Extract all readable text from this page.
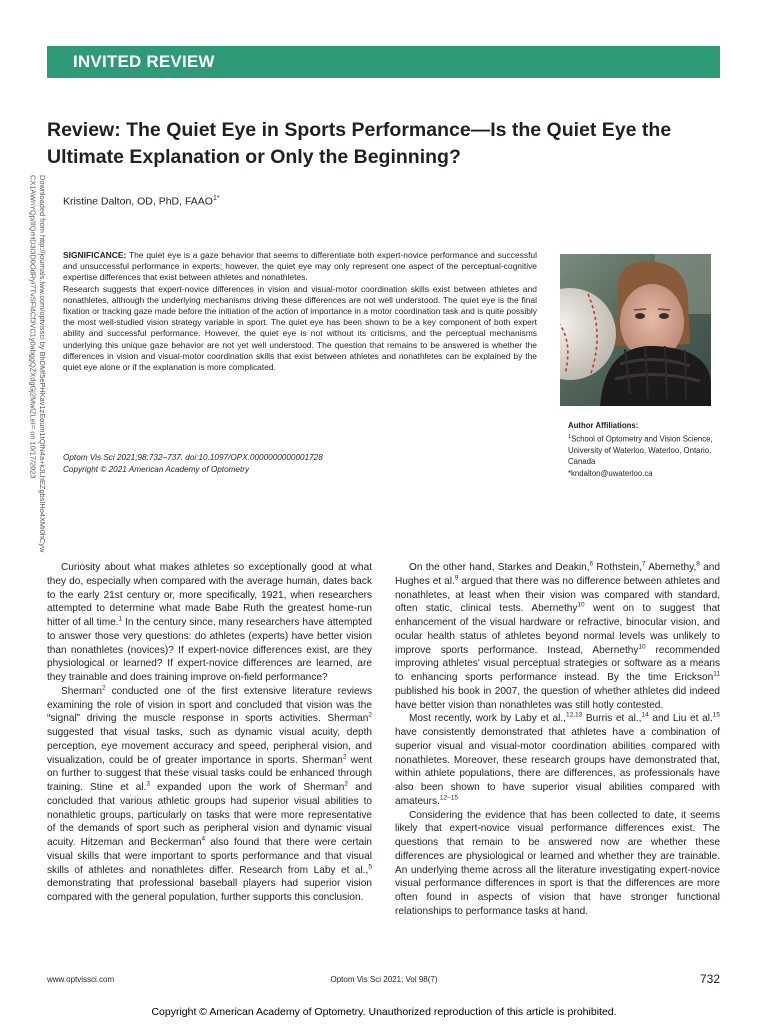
INVITED REVIEW
Review: The Quiet Eye in Sports Performance—Is the Quiet Eye the Ultimate Explanation or Only the Beginning?
Kristine Dalton, OD, PhD, $FAAO^{1*}$
Downloaded from http://journals.lww.com/optvissci by BhDMf5ePHKav1zEoum1tQfN4a+kJLhEZgbsIHo4XMi0hCyw
CX1AWnYQp/IlQrHD3i3D0OdRyi7TvSFl4Cf3VC1y0abggQZXdgGj2MwlZLeI= on 10/17/2023	SIGNIFICANCE: The quiet eye is a gaze behavior that seems to differentiate both expert-novice performance and successful and unsuccessful performance in experts; however, the quiet eye may only represent one aspect of the perceptual-cognitive expertise differences that exist between athletes and nonathletes.

Research suggests that expert-novice differences in vision and visual-motor coordination skills exist between athletes and nonathletes, although the underlying mechanisms driving these differences are not well understood. The quiet eye is the final fixation or tracking gaze made before the initiation of the action of importance in a motor coordination task and is quite possibly the most well-studied vision strategy variable in sport. The quiet eye has been shown to be a key component of both expert ability and successful performance. However, the quiet eye is not without its criticisms, and the perceptual mechanisms underlying this unique gaze behavior are not yet well understood. The question that remains to be answered is whether the differences in vision and visual-motor coordination skills that exist between athletes and nonathletes can be explained by the quiet eye alone or if the explanation is more complicated.

Author Affiliations:
$^1$School of Optometry and Vision Science, University of Waterloo, Waterloo, Ontario, Canada
*kndalton@uwaterloo.ca
Optom Vis Sci 2021;98:732–737. doi:10.1097/OPX.0000000000001728
Copyright © 2021 American Academy of Optometry

Curiosity about what makes athletes so exceptionally good at what they do, especially when compared with the average human, dates back to the early 21st century or, more specifically, 1921, when researchers attempted to determine what made Babe Ruth the greatest home-run hitter of all time.$^1$ In the century since, many researchers have attempted to answer those very questions: do athletes (experts) have better vision than nonathletes (novices)? If expert-novice differences exist, are they physiological or learned? If expert-novice differences are learned, are they trainable and does training improve on-field performance?

Sherman$^2$ conducted one of the first extensive literature reviews examining the role of vision in sport and concluded that vision was the “signal” driving the muscle response in sports activities. Sherman$^2$ suggested that visual tasks, such as dynamic visual acuity, depth perception, eye movement accuracy and speed, peripheral vision, and visualization, could be of greater importance in sports. Sherman$^2$ went on further to suggest that these visual tasks could be enhanced through training. Stine et al.$^3$ expanded upon the work of Sherman$^2$ and concluded that various athletic groups had superior visual abilities to nonathletic groups, particularly on tasks that were more representative of the demands of sport such as peripheral vision and dynamic visual acuity. Hitzeman and Beckerman$^4$ also found that there were certain visual skills that were important to sports performance and that visual skills of athletes and nonathletes differ. Research from Laby et al.,$^5$ demonstrating that professional baseball players had superior vision compared with the general population, further supports this conclusion.

On the other hand, Starkes and Deakin,$^6$ Rothstein,$^7$ Abernethy,$^8$ and Hughes et al.$^9$ argued that there was no difference between athletes and nonathletes, at least when their vision was compared with standard, often static, clinical tests. Abernethy$^{10}$ went on to suggest that enhancement of the visual hardware or refractive, binocular vision, and ocular health status of athletes beyond normal levels was unlikely to improve sports performance. Instead, Abernethy$^{10}$ recommended improving athletes' visual perceptual strategies or software as a means to enhancing sports performance instead. By the time Erickson$^{11}$ published his book in 2007, the question of whether athletes did indeed have better vision than nonathletes was still hotly contested.

Most recently, work by Laby et al.,$^{12,13}$ Burris et al.,$^{14}$ and Liu et al.$^{15}$ have consistently demonstrated that athletes have a combination of superior visual and visual-motor coordination abilities compared with nonathletes. Moreover, these research groups have demonstrated that, within athlete populations, there are differences, as professionals have also been shown to have superior visual abilities compared with amateurs.$^{12-15}$

Considering the evidence that has been collected to date, it seems likely that expert-novice visual performance differences exist. The questions that remain to be answered now are whether these differences are physiological or learned and whether they are trainable. An underlying theme across all the literature investigating expert-novice visual performance differences in sport is that the differences are more often found in aspects of vision that have stronger functional relationships to performance tasks at hand.

www.optvissci.com	Optom Vis Sci 2021; Vol 98(7)	732
Copyright © American Academy of Optometry. Unauthorized reproduction of this article is prohibited.
